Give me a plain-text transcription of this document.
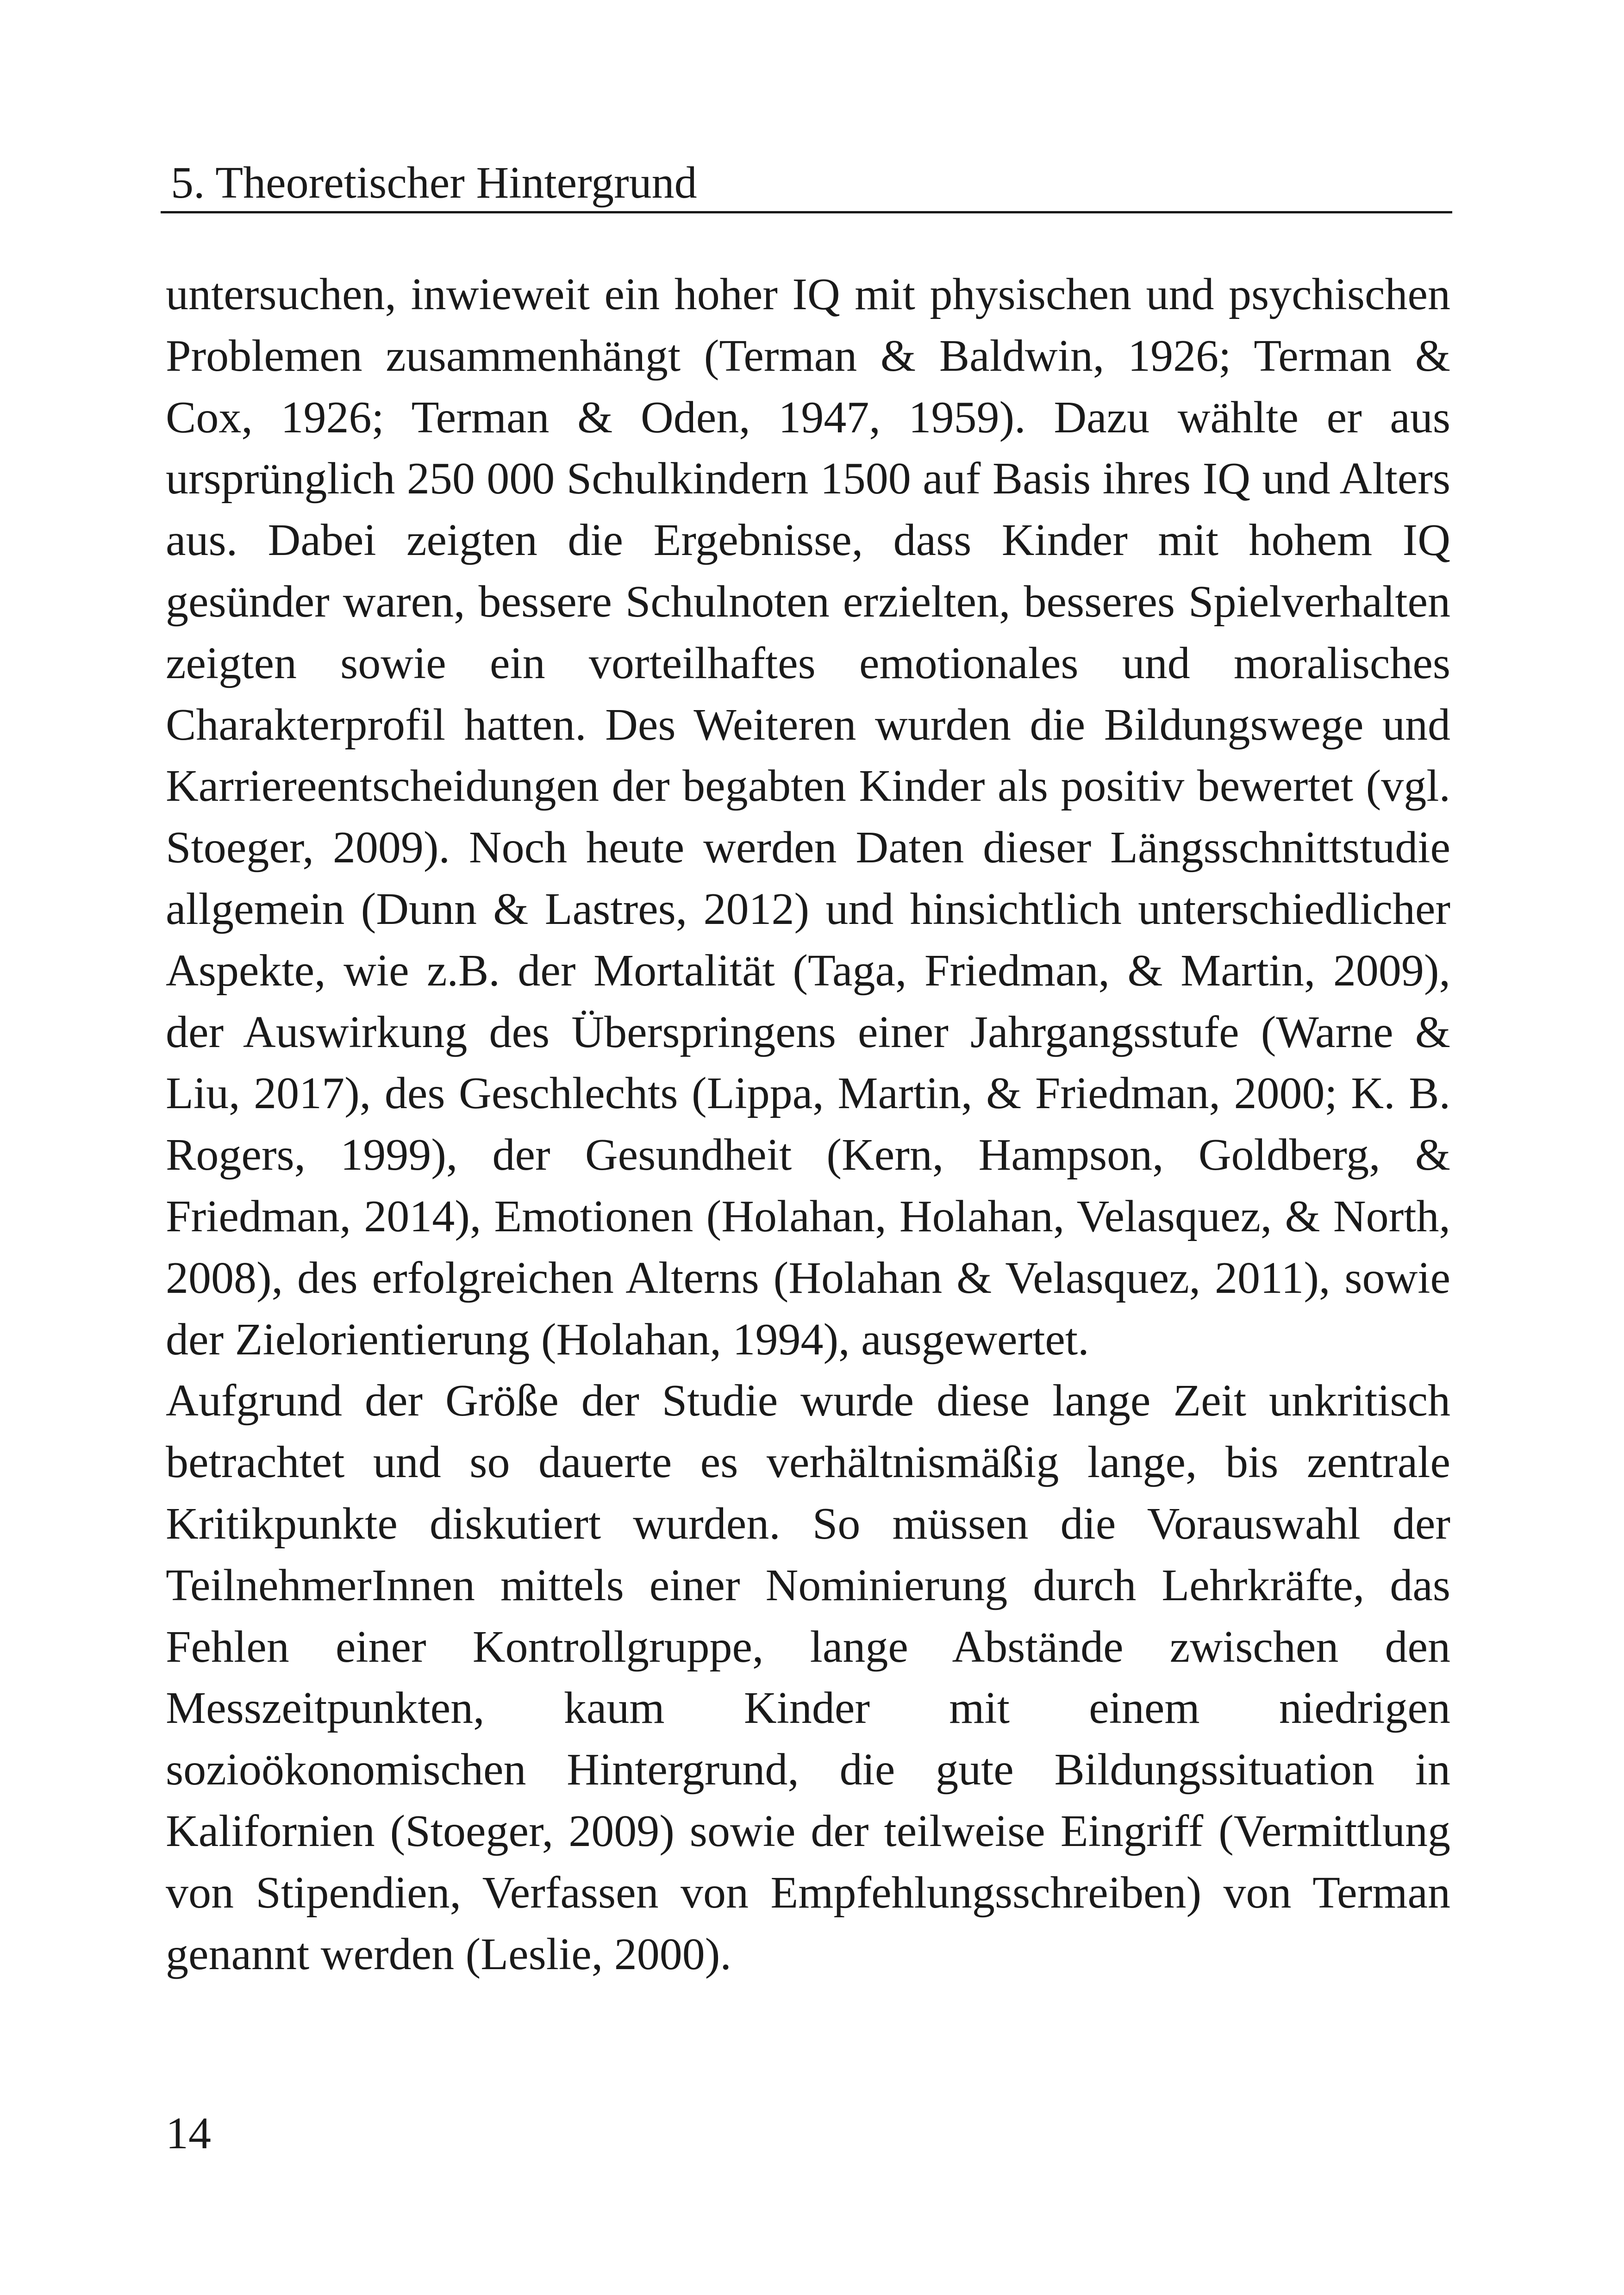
5. Theoretischer Hintergrund

untersuchen, inwieweit ein hoher IQ mit physischen und psychischen Problemen zusammenhängt (Terman & Baldwin, 1926; Terman & Cox, 1926; Terman & Oden, 1947, 1959). Dazu wählte er aus ursprünglich 250 000 Schulkindern 1500 auf Basis ihres IQ und Alters aus. Dabei zeigten die Ergebnisse, dass Kinder mit hohem IQ gesünder waren, bessere Schulnoten erzielten, besseres Spielverhalten zeigten sowie ein vorteilhaftes emotionales und moralisches Charakterprofil hatten. Des Weiteren wurden die Bildungswege und Karriereentscheidungen der begabten Kinder als positiv bewertet (vgl. Stoeger, 2009). Noch heute werden Daten dieser Längsschnittstudie allgemein (Dunn & Lastres, 2012) und hinsichtlich unterschiedlicher Aspekte, wie z.B. der Mortalität (Taga, Friedman, & Martin, 2009), der Auswirkung des Überspringens einer Jahrgangsstufe (Warne & Liu, 2017), des Geschlechts (Lippa, Martin, & Friedman, 2000; K. B. Rogers, 1999), der Gesundheit (Kern, Hampson, Goldberg, & Friedman, 2014), Emotionen (Holahan, Holahan, Velasquez, & North, 2008), des erfolgreichen Alterns (Holahan & Velasquez, 2011), sowie der Zielorientierung (Holahan, 1994), ausgewertet.

Aufgrund der Größe der Studie wurde diese lange Zeit unkritisch betrachtet und so dauerte es verhältnismäßig lange, bis zentrale Kritikpunkte diskutiert wurden. So müssen die Vorauswahl der TeilnehmerInnen mittels einer Nominierung durch Lehrkräfte, das Fehlen einer Kontrollgruppe, lange Abstände zwischen den Messzeitpunkten, kaum Kinder mit einem niedrigen sozioökonomischen Hintergrund, die gute Bildungssituation in Kalifornien (Stoeger, 2009) sowie der teilweise Eingriff (Vermittlung von Stipendien, Verfassen von Empfehlungsschreiben) von Terman genannt werden (Leslie, 2000).

14
